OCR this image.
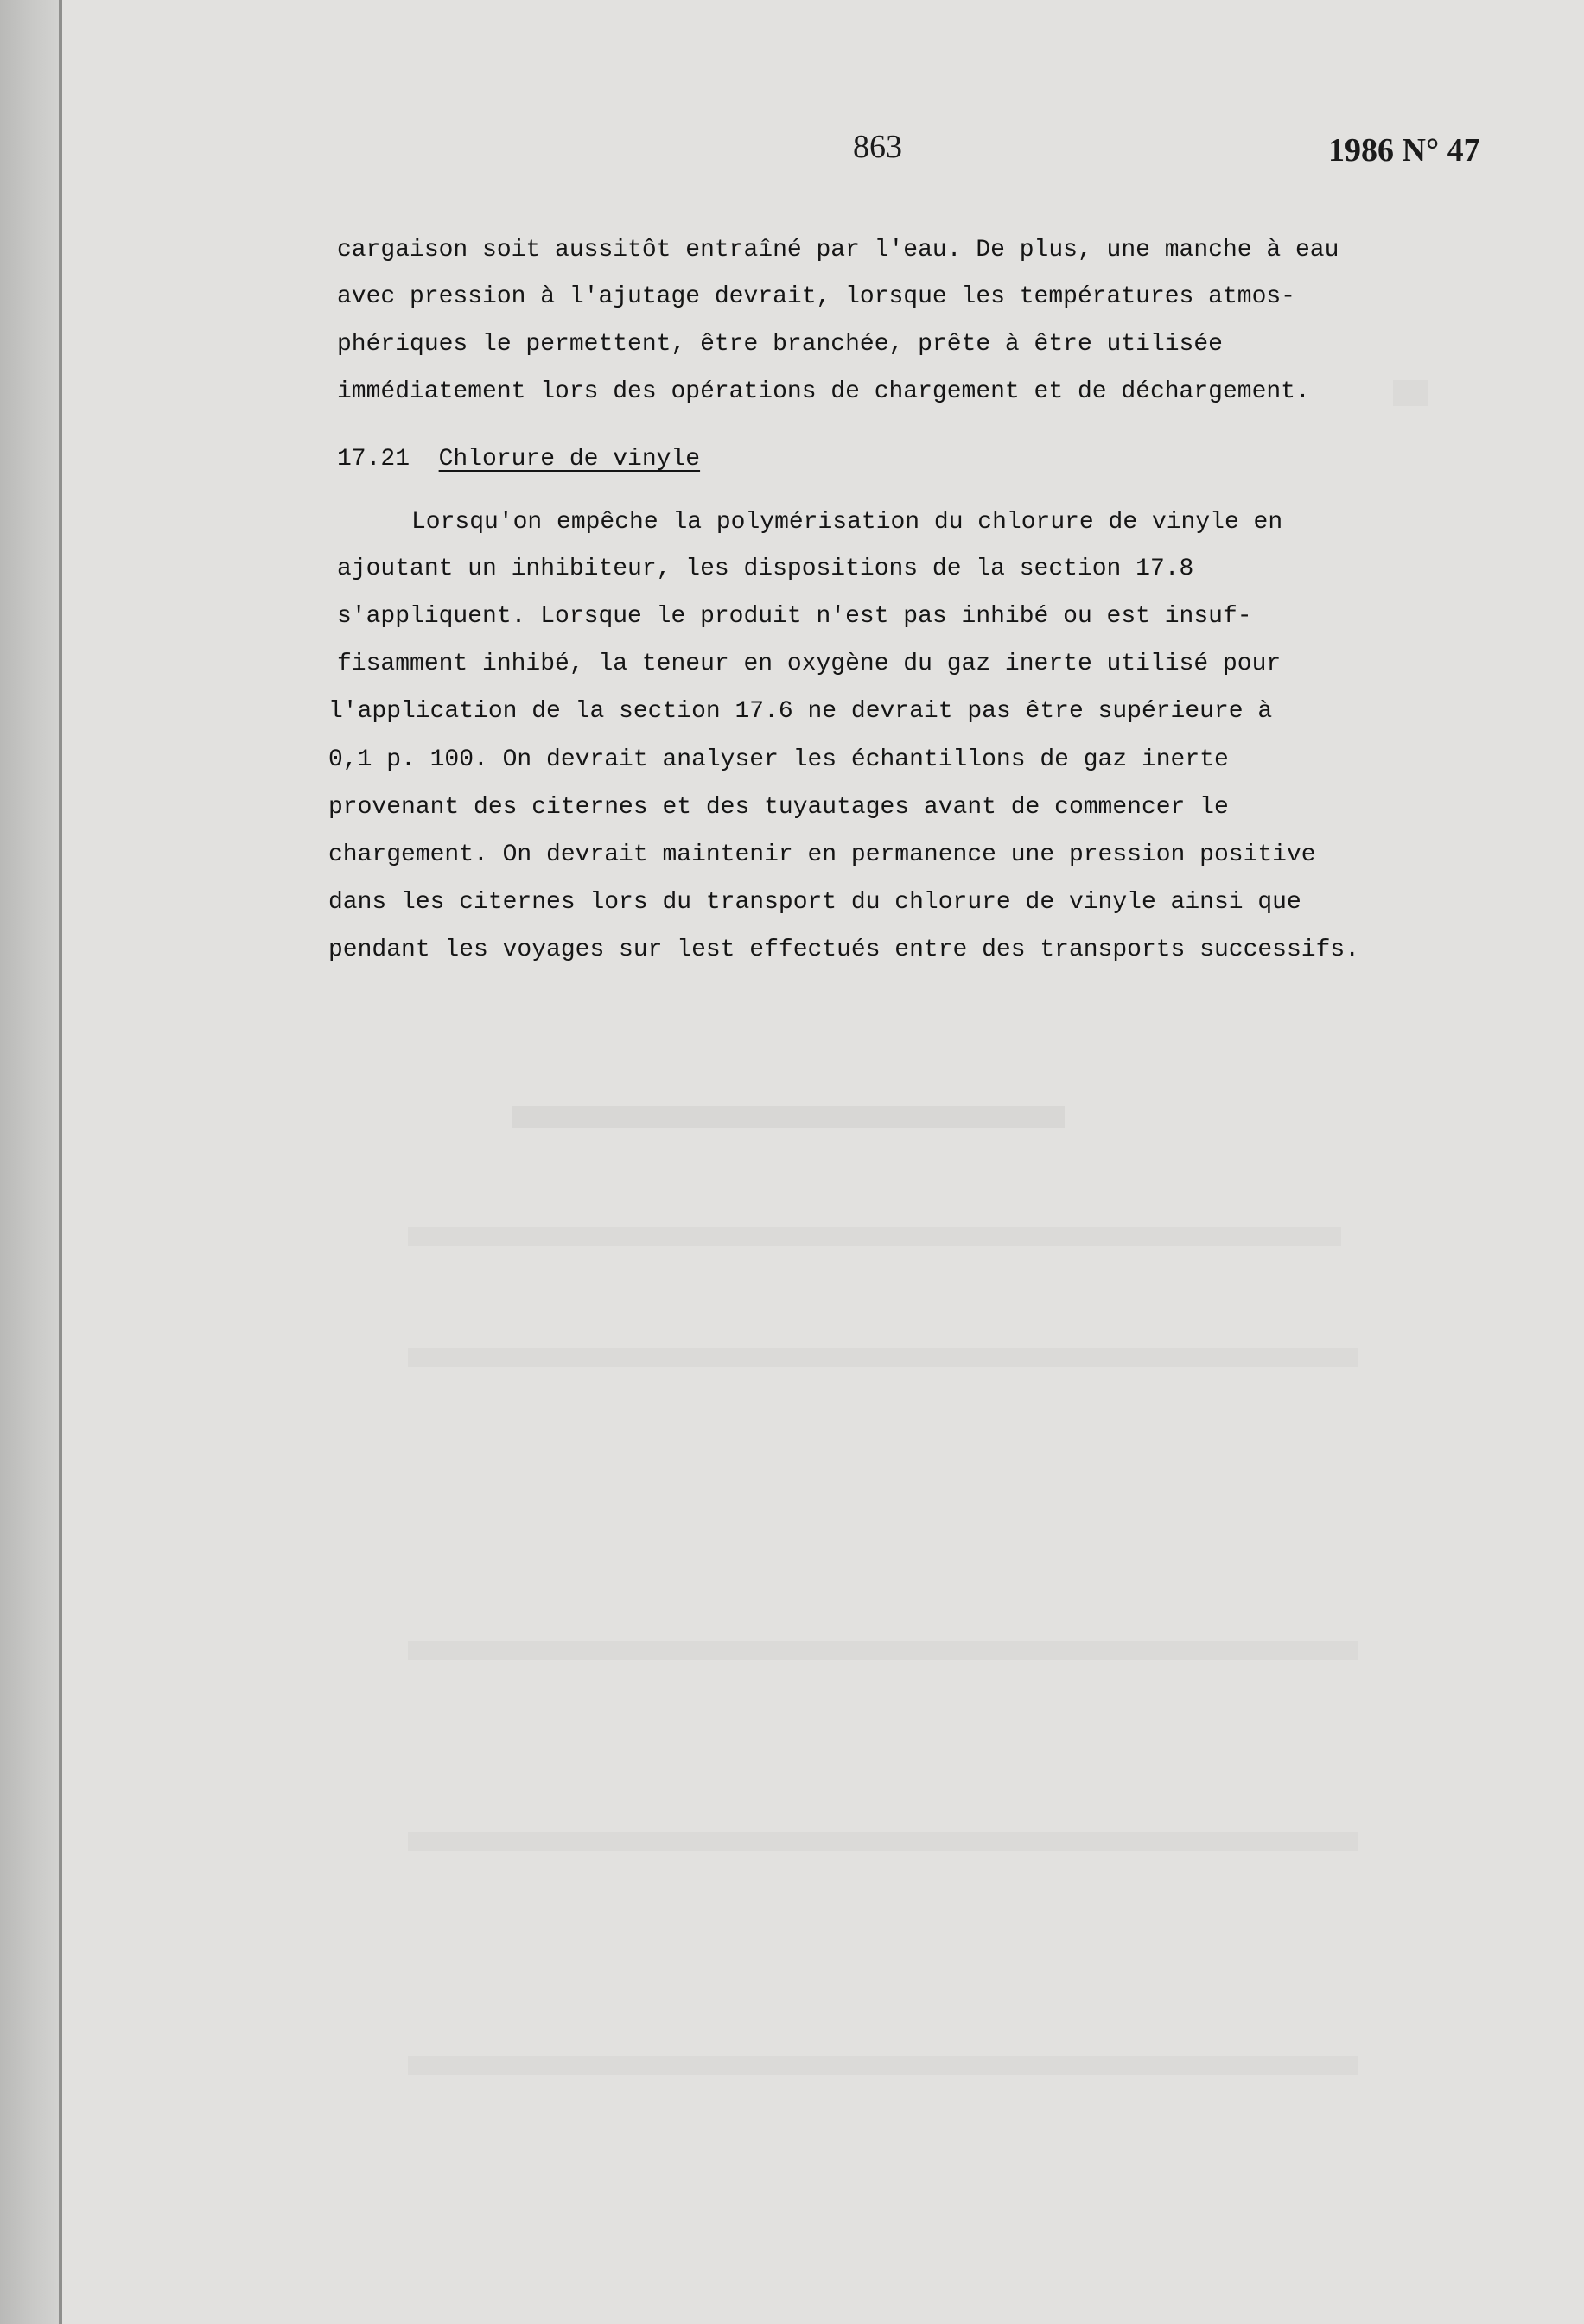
863	1986 N° 47

cargaison soit aussitôt entraîné par l'eau. De plus, une manche à eau

avec pression à l'ajutage devrait, lorsque les températures atmos-

phériques le permettent, être branchée, prête à être utilisée

immédiatement lors des opérations de chargement et de déchargement.

17.21 Chlorure de vinyle

Lorsqu'on empêche la polymérisation du chlorure de vinyle en

ajoutant un inhibiteur, les dispositions de la section 17.8

s'appliquent. Lorsque le produit n'est pas inhibé ou est insuf-

fisamment inhibé, la teneur en oxygène du gaz inerte utilisé pour

l'application de la section 17.6 ne devrait pas être supérieure à

0,1 p. 100. On devrait analyser les échantillons de gaz inerte

provenant des citernes et des tuyautages avant de commencer le

chargement. On devrait maintenir en permanence une pression positive

dans les citernes lors du transport du chlorure de vinyle ainsi que

pendant les voyages sur lest effectués entre des transports successifs.
